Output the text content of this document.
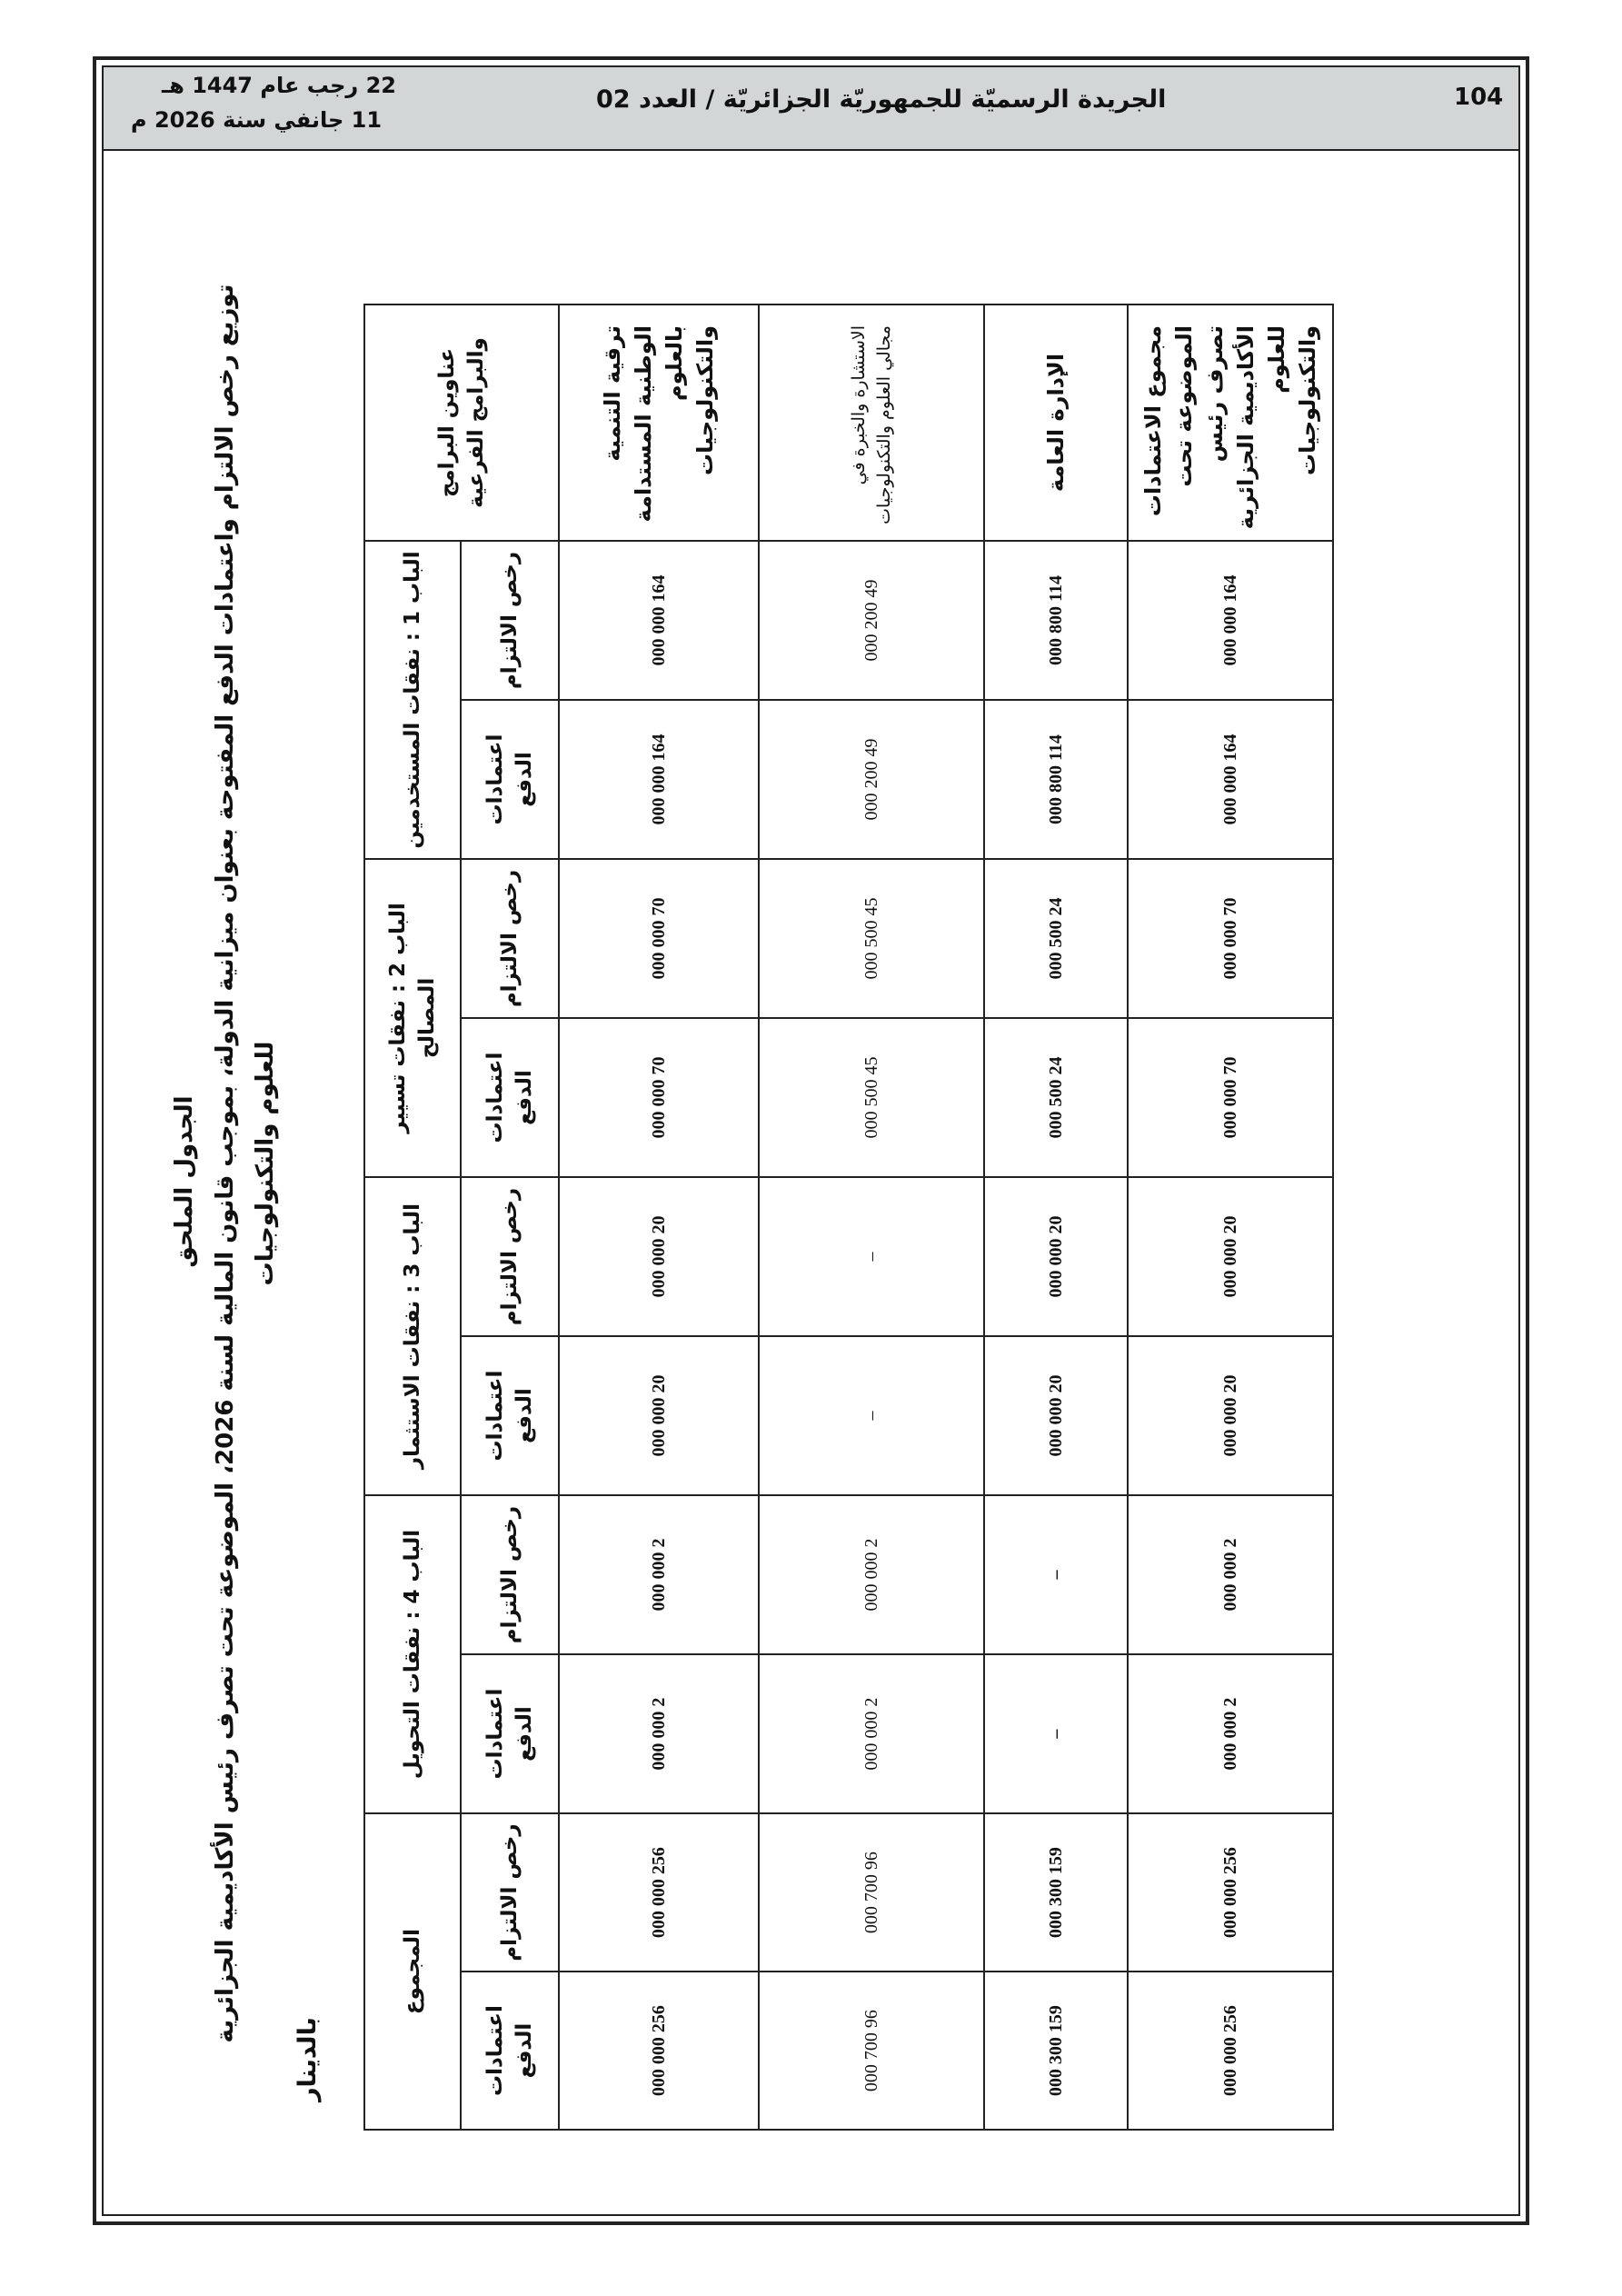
104
الجريدة الرسميّة للجمهوريّة الجزائريّة / العدد 02
22 رجب عام 1447 هـ
11 جانفي سنة 2026 م
الجدول الملحق
توزيع رخص الالتزام واعتمادات الدفع المفتوحة بعنوان ميزانية الدولة، بموجب قانون المالية لسنة 2026، الموضوعة تحت تصرف رئيس الأكاديمية الجزائرية للعلوم والتكنولوجيات
بالدينار
عناوين البرامج والبرامج الفرعية	الباب 1 : نفقات المستخدمين		الباب 2 : نفقات تسيير المصالح		الباب 3 : نفقات الاستثمار		الباب 4 : نفقات التحويل		المجموع	
	رخص الالتزام	اعتمادات الدفع	رخص الالتزام	اعتمادات الدفع	رخص الالتزام	اعتمادات الدفع	رخص الالتزام	اعتمادات الدفع	رخص الالتزام	اعتمادات الدفع
ترقية التنمية الوطنية المستدامة بالعلوم والتكنولوجيات	164 000 000	164 000 000	70 000 000	70 000 000	20 000 000	20 000 000	2 000 000	2 000 000	256 000 000	256 000 000
الاستشارة والخبرة في مجالي العلوم والتكنولوجيات	49 200 000	49 200 000	45 500 000	45 500 000	–	–	2 000 000	2 000 000	96 700 000	96 700 000
الإدارة العامة	114 800 000	114 800 000	24 500 000	24 500 000	20 000 000	20 000 000	–	–	159 300 000	159 300 000
مجموع الاعتمادات الموضوعة تحت تصرف رئيس الأكاديمية الجزائرية للعلوم والتكنولوجيات	164 000 000	164 000 000	70 000 000	70 000 000	20 000 000	20 000 000	2 000 000	2 000 000	256 000 000	256 000 000
